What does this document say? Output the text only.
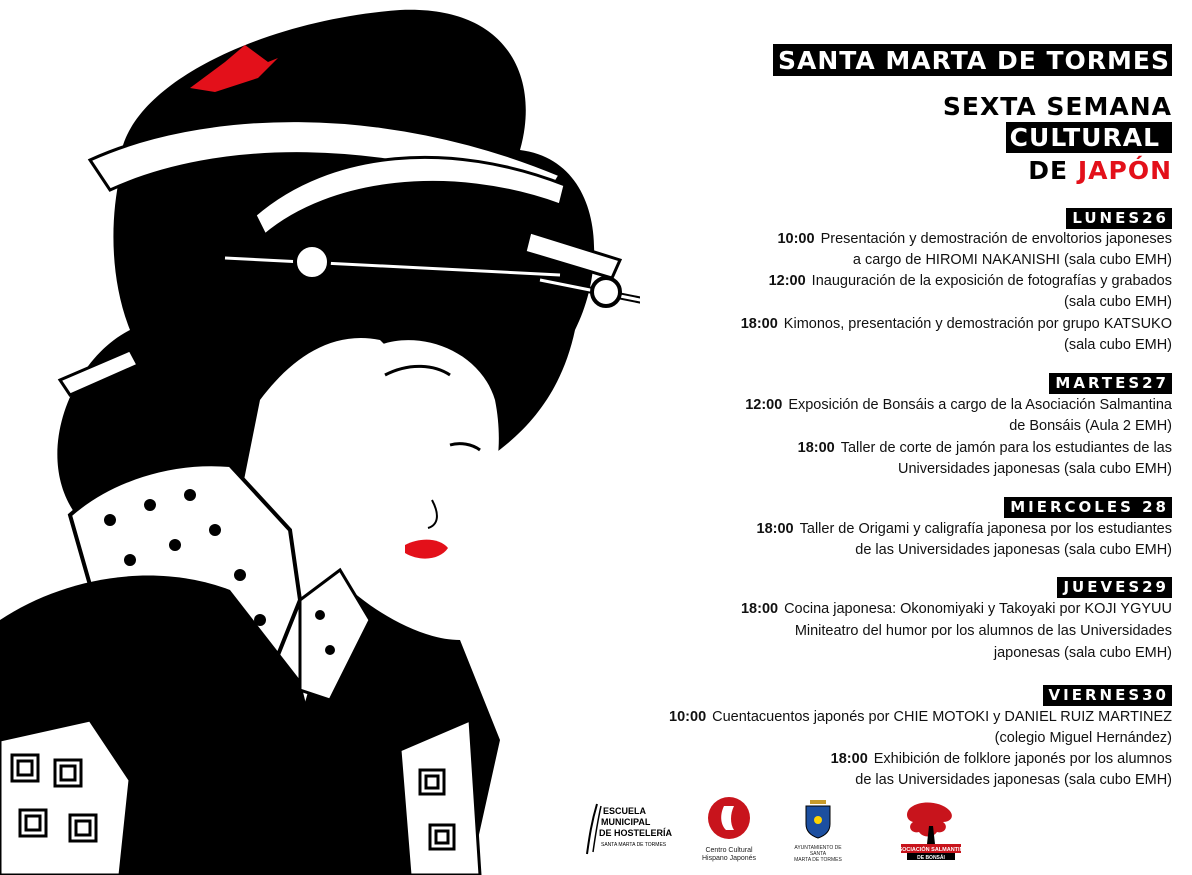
SANTA MARTA DE TORMES
SEXTA SEMANA
CULTURAL
DE JAPÓN
LUNES26
10:00 Presentación y demostración de envoltorios japoneses
a cargo de HIROMI NAKANISHI (sala cubo EMH)
12:00 Inauguración de la exposición de fotografías y grabados
(sala cubo EMH)
18:00 Kimonos, presentación y demostración por grupo KATSUKO
(sala cubo EMH)
MARTES27
12:00 Exposición de Bonsáis a cargo de la Asociación Salmantina
de Bonsáis (Aula 2 EMH)
18:00 Taller de corte de jamón para los estudiantes de las
Universidades japonesas (sala cubo EMH)
MIERCOLES 28
18:00 Taller de Origami y caligrafía japonesa por los estudiantes
de las Universidades japonesas (sala cubo EMH)
JUEVES29
18:00 Cocina japonesa: Okonomiyaki y Takoyaki por KOJI YGYUU
Miniteatro del humor por los alumnos de las Universidades
japonesas (sala cubo EMH)
VIERNES30
10:00 Cuentacuentos japonés por CHIE MOTOKI y DANIEL RUIZ MARTINEZ
(colegio Miguel Hernández)
18:00 Exhibición de folklore japonés por los alumnos
de las Universidades japonesas (sala cubo EMH)
ESCUELA
MUNICIPAL
DE HOSTELERÍA
SANTA MARTA DE TORMES
Centro Cultural
Hispano Japonés
AYUNTAMIENTO DE SANTA
MARTA DE TORMES
ASOCIACIÓN SALMANTINA
DE BONSÁI
